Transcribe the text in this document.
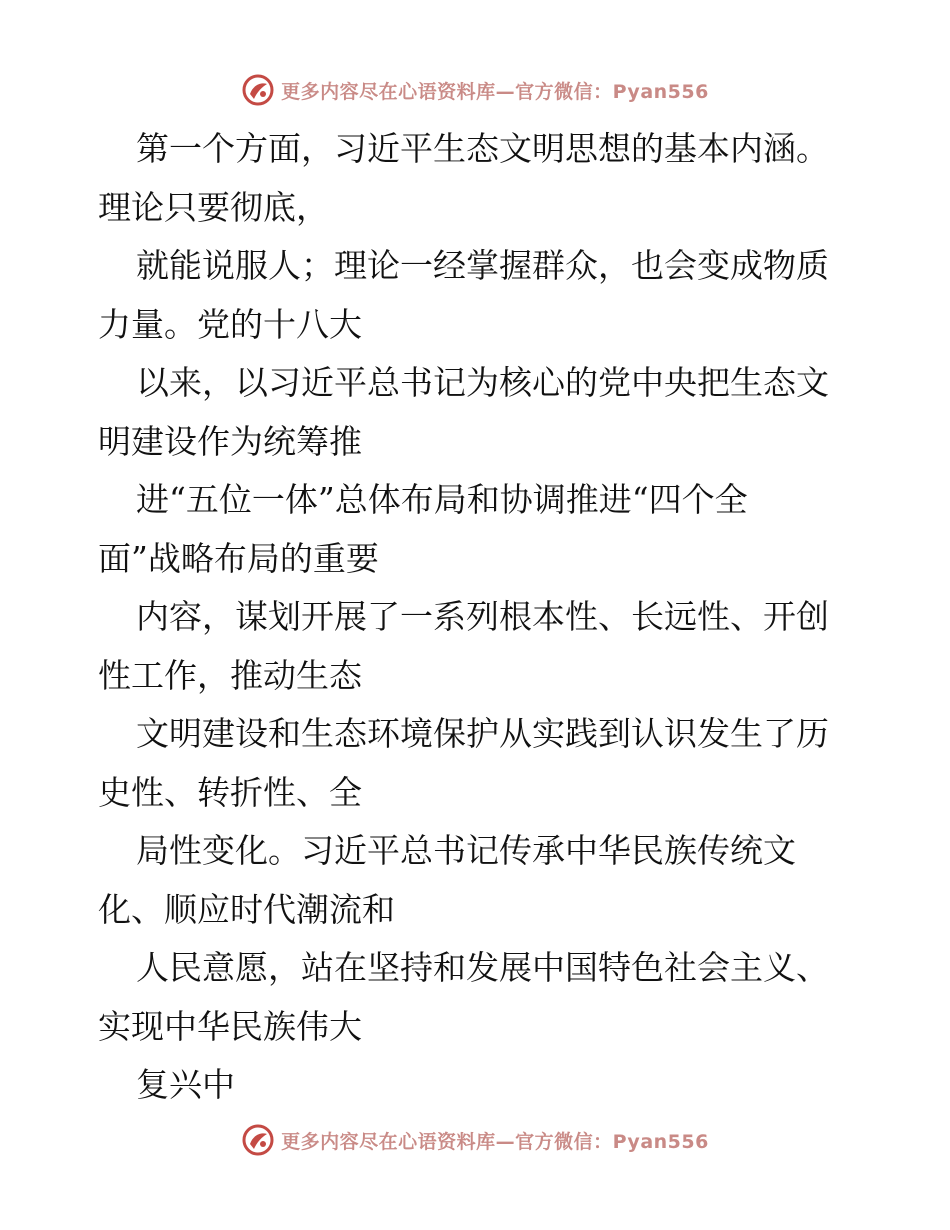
更多内容尽在心语资料库—官方微信：Pyan556

第一个方面，习近平生态文明思想的基本内涵。

理论只要彻底，

就能说服人；理论一经掌握群众，也会变成物质

力量。党的十八大

以来，以习近平总书记为核心的党中央把生态文

明建设作为统筹推

进“五位一体”总体布局和协调推进“四个全

面”战略布局的重要

内容，谋划开展了一系列根本性、长远性、开创

性工作，推动生态

文明建设和生态环境保护从实践到认识发生了历

史性、转折性、全

局性变化。习近平总书记传承中华民族传统文

化、顺应时代潮流和

人民意愿，站在坚持和发展中国特色社会主义、

实现中华民族伟大

复兴中

更多内容尽在心语资料库—官方微信：Pyan556
